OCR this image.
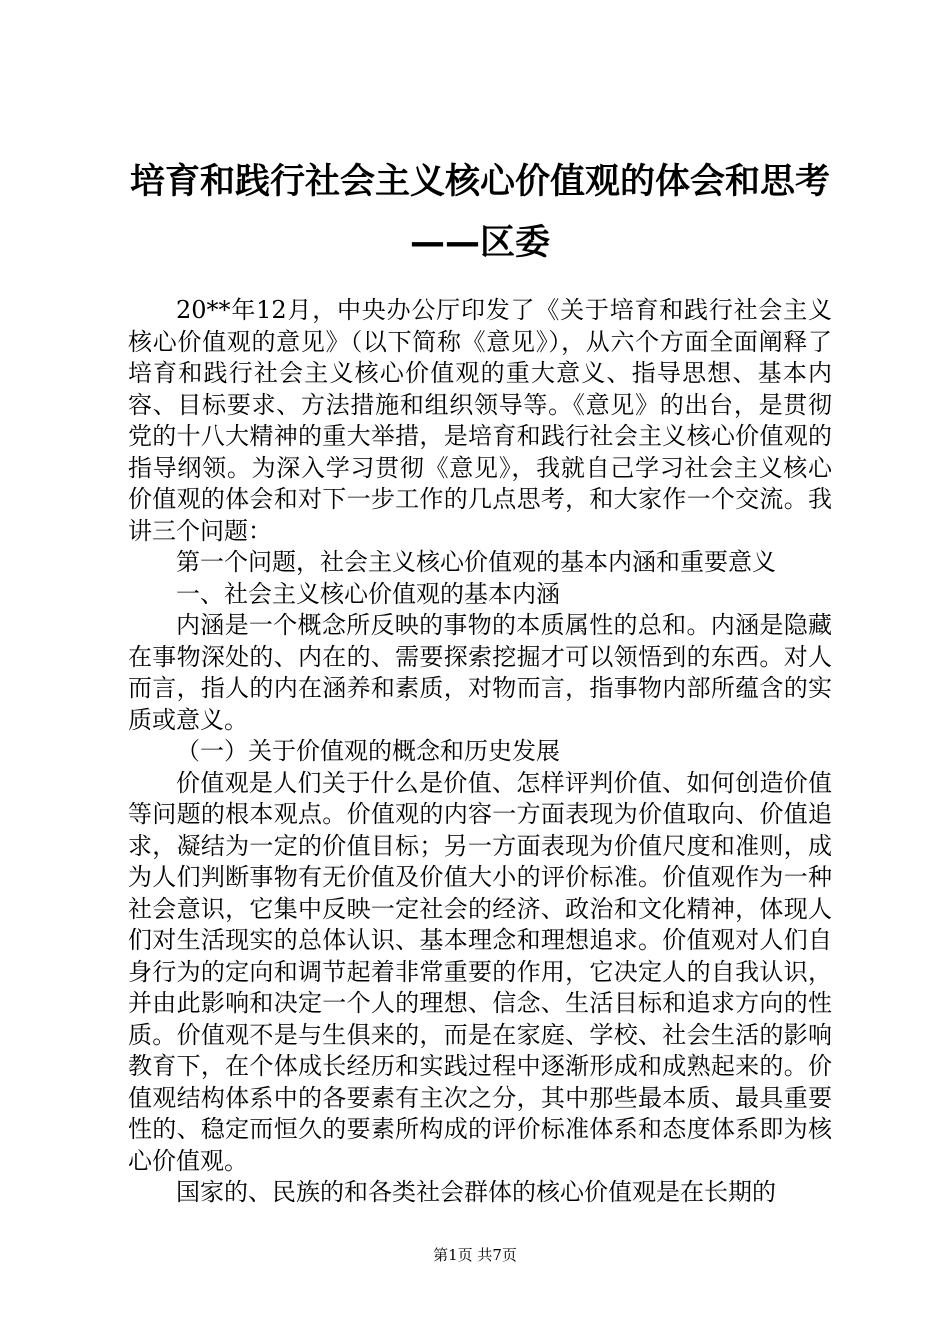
培育和践行社会主义核心价值观的体会和思考
——区委

20**年12月，中央办公厅印发了《关于培育和践行社会主义核心价值观的意见》（以下简称《意见》），从六个方面全面阐释了培育和践行社会主义核心价值观的重大意义、指导思想、基本内容、目标要求、方法措施和组织领导等。《意见》的出台，是贯彻党的十八大精神的重大举措，是培育和践行社会主义核心价值观的指导纲领。为深入学习贯彻《意见》，我就自己学习社会主义核心价值观的体会和对下一步工作的几点思考，和大家作一个交流。我讲三个问题：

第一个问题，社会主义核心价值观的基本内涵和重要意义

一、社会主义核心价值观的基本内涵

内涵是一个概念所反映的事物的本质属性的总和。内涵是隐藏在事物深处的、内在的、需要探索挖掘才可以领悟到的东西。对人而言，指人的内在涵养和素质，对物而言，指事物内部所蕴含的实质或意义。

（一）关于价值观的概念和历史发展

价值观是人们关于什么是价值、怎样评判价值、如何创造价值等问题的根本观点。价值观的内容一方面表现为价值取向、价值追求，凝结为一定的价值目标；另一方面表现为价值尺度和准则，成为人们判断事物有无价值及价值大小的评价标准。价值观作为一种社会意识，它集中反映一定社会的经济、政治和文化精神，体现人们对生活现实的总体认识、基本理念和理想追求。价值观对人们自身行为的定向和调节起着非常重要的作用，它决定人的自我认识，并由此影响和决定一个人的理想、信念、生活目标和追求方向的性质。价值观不是与生俱来的，而是在家庭、学校、社会生活的影响教育下，在个体成长经历和实践过程中逐渐形成和成熟起来的。价值观结构体系中的各要素有主次之分，其中那些最本质、最具重要性的、稳定而恒久的要素所构成的评价标准体系和态度体系即为核心价值观。

国家的、民族的和各类社会群体的核心价值观是在长期的

第1页 共7页
